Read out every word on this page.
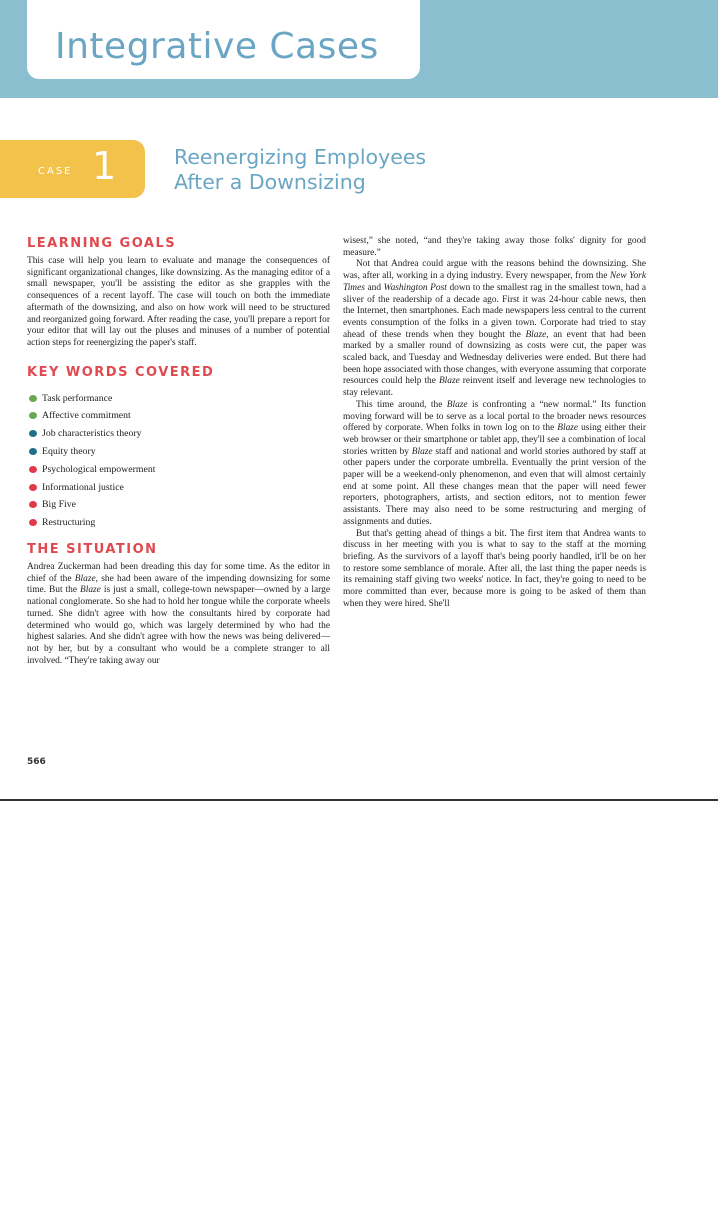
Integrative Cases
CASE 1	Reenergizing Employees
After a Downsizing
LEARNING GOALS

This case will help you learn to evaluate and manage the consequences of significant organizational changes, like downsizing. As the managing editor of a small newspaper, you'll be assisting the editor as she grapples with the consequences of a recent layoff. The case will touch on both the immediate aftermath of the downsizing, and also on how work will need to be structured and reorganized going forward. After reading the case, you'll prepare a report for your editor that will lay out the pluses and minuses of a number of potential action steps for reenergizing the paper's staff.

KEY WORDS COVERED
Task performance
Affective commitment
Job characteristics theory
Equity theory
Psychological empowerment
Informational justice
Big Five
Restructuring
THE SITUATION

Andrea Zuckerman had been dreading this day for some time. As the editor in chief of the Blaze, she had been aware of the impending downsizing for some time. But the Blaze is just a small, college-town newspaper—owned by a large national conglomerate. So she had to hold her tongue while the corporate wheels turned. She didn't agree with how the consultants hired by corporate had determined who would go, which was largely determined by who had the highest salaries. And she didn't agree with how the news was being delivered—not by her, but by a consultant who would be a complete stranger to all involved. “They're taking away our

wisest,” she noted, “and they're taking away those folks' dignity for good measure.”

Not that Andrea could argue with the reasons behind the downsizing. She was, after all, working in a dying industry. Every newspaper, from the New York Times and Washington Post down to the smallest rag in the smallest town, had a sliver of the readership of a decade ago. First it was 24-hour cable news, then the Internet, then smartphones. Each made newspapers less central to the current events consumption of the folks in a given town. Corporate had tried to stay ahead of these trends when they bought the Blaze, an event that had been marked by a smaller round of downsizing as costs were cut, the paper was scaled back, and Tuesday and Wednesday deliveries were ended. But there had been hope associated with those changes, with everyone assuming that corporate resources could help the Blaze reinvent itself and leverage new technologies to stay relevant.

This time around, the Blaze is confronting a “new normal.” Its function moving forward will be to serve as a local portal to the broader news resources offered by corporate. When folks in town log on to the Blaze using either their web browser or their smartphone or tablet app, they'll see a combination of local stories written by Blaze staff and national and world stories authored by staff at other papers under the corporate umbrella. Eventually the print version of the paper will be a weekend-only phenomenon, and even that will almost certainly end at some point. All these changes mean that the paper will need fewer reporters, photographers, artists, and section editors, not to mention fewer assistants. There may also need to be some restructuring and merging of assignments and duties.

But that's getting ahead of things a bit. The first item that Andrea wants to discuss in her meeting with you is what to say to the staff at the morning briefing. As the survivors of a layoff that's being poorly handled, it'll be on her to restore some semblance of morale. After all, the last thing the paper needs is its remaining staff giving two weeks' notice. In fact, they're going to need to be more committed than ever, because more is going to be asked of them than when they were hired. She'll

566
